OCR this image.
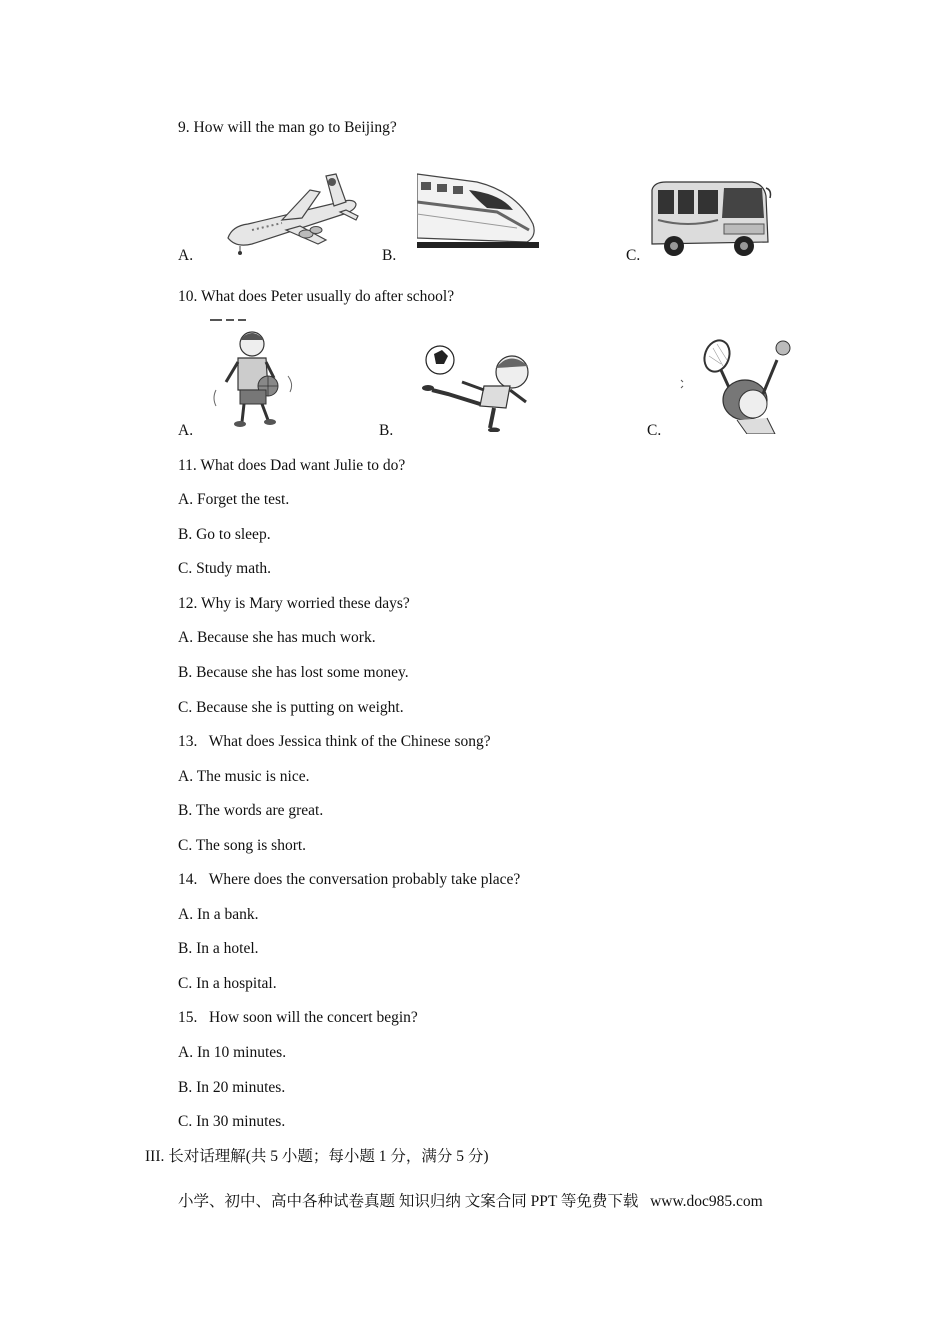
9. How will the man go to Beijing?
A.	B.	C.
10. What does Peter usually do after school?
A.	B.	C.
11. What does Dad want Julie to do?
A. Forget the test.
B. Go to sleep.
C. Study math.
12. Why is Mary worried these days?
A. Because she has much work.
B. Because she has lost some money.
C. Because she is putting on weight.
13. What does Jessica think of the Chinese song?
A. The music is nice.
B. The words are great.
C. The song is short.
14. Where does the conversation probably take place?
A. In a bank.
B. In a hotel.
C. In a hospital.
15. How soon will the concert begin?
A. In 10 minutes.
B. In 20 minutes.
C. In 30 minutes.
III. 长对话理解(共 5 小题；每小题 1 分，满分 5 分)
小学、初中、高中各种试卷真题 知识归纳 文案合同 PPT 等免费下载 www.doc985.com
